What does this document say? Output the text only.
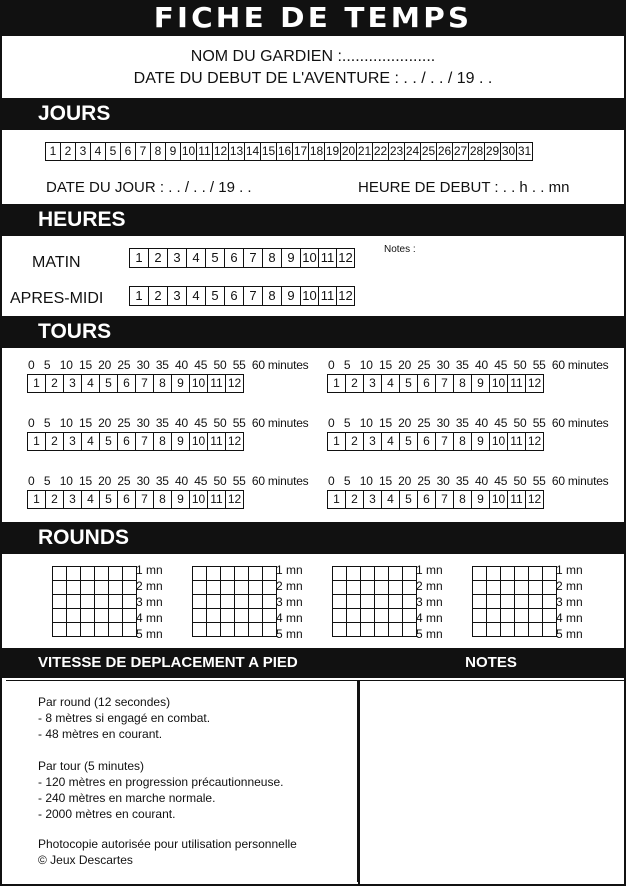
FICHE DE TEMPS
NOM DU GARDIEN :.....................
DATE DU DEBUT DE L'AVENTURE : . . / . . / 19 . .
JOURS
1 2 3 4 5 6 7 8 9 10 11 12 13 14 15 16 17 18 19 20 21 22 23 24 25 26 27 28 29 30 31
DATE DU JOUR : . . / . . / 19 . .	HEURE DE DEBUT : . . h . . mn
HEURES
MATIN	1 2 3 4 5 6 7 8 9 10 11 12
APRES-MIDI	1 2 3 4 5 6 7 8 9 10 11 12
Notes :
TOURS
0   5   10  15  20  25  30  35  40  45  50  55  60 minutes
1 2 3 4 5 6 7 8 9 10 11 12
0   5   10  15  20  25  30  35  40  45  50  55  60 minutes
1 2 3 4 5 6 7 8 9 10 11 12
0   5   10  15  20  25  30  35  40  45  50  55  60 minutes
1 2 3 4 5 6 7 8 9 10 11 12
0   5   10  15  20  25  30  35  40  45  50  55  60 minutes
1 2 3 4 5 6 7 8 9 10 11 12
0   5   10  15  20  25  30  35  40  45  50  55  60 minutes
1 2 3 4 5 6 7 8 9 10 11 12
0   5   10  15  20  25  30  35  40  45  50  55  60 minutes
1 2 3 4 5 6 7 8 9 10 11 12
ROUNDS
1 mn
2 mn
3 mn
4 mn
5 mn
1 mn
2 mn
3 mn
4 mn
5 mn
1 mn
2 mn
3 mn
4 mn
5 mn
1 mn
2 mn
3 mn
4 mn
5 mn
VITESSE DE DEPLACEMENT A PIED	NOTES
Par round (12 secondes)
- 8 mètres si engagé en combat.
- 48 mètres en courant.
Par tour (5 minutes)
- 120 mètres en progression précautionneuse.
- 240 mètres en marche normale.
- 2000 mètres en courant.
Photocopie autorisée pour utilisation personnelle
© Jeux Descartes
